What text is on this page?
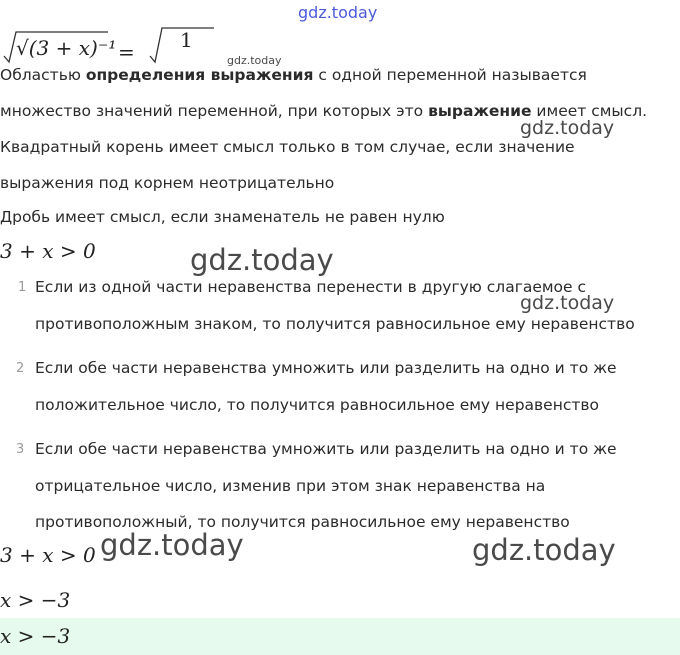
gdz.today
√(3 + x)⁻¹ = 1
gdz.today
Областью определения выражения с одной переменной называется
множество значений переменной, при которых это выражение имеет смысл.
gdz.today
Квадратный корень имеет смысл только в том случае, если значение
выражения под корнем неотрицательно
Дробь имеет смысл, если знаменатель не равен нулю
3 + x > 0	gdz.today
1 Если из одной части неравенства перенести в другую слагаемое с
gdz.today
противоположным знаком, то получится равносильное ему неравенство
2 Если обе части неравенства умножить или разделить на одно и то же
положительное число, то получится равносильное ему неравенство
3 Если обе части неравенства умножить или разделить на одно и то же
отрицательное число, изменив при этом знак неравенства на
противоположный, то получится равносильное ему неравенство
3 + x > 0 gdz.today	gdz.today
x > −3
x > −3
